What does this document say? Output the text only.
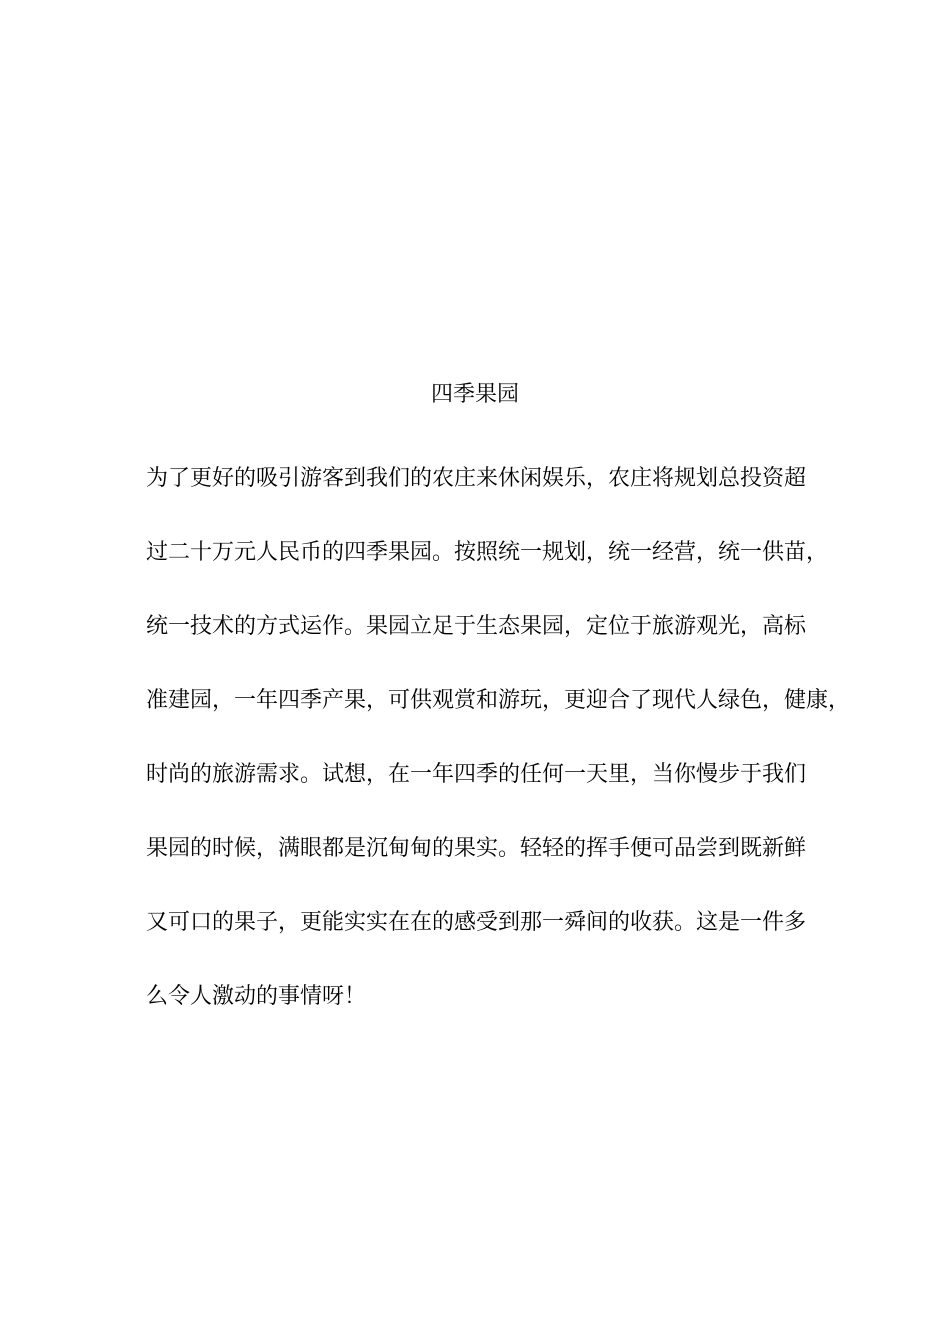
四季果园
为了更好的吸引游客到我们的农庄来休闲娱乐，农庄将规划总投资超
过二十万元人民币的四季果园。按照统一规划，统一经营，统一供苗，
统一技术的方式运作。果园立足于生态果园，定位于旅游观光，高标
准建园，一年四季产果，可供观赏和游玩，更迎合了现代人绿色，健康，
时尚的旅游需求。试想，在一年四季的任何一天里，当你慢步于我们
果园的时候，满眼都是沉甸甸的果实。轻轻的挥手便可品尝到既新鲜
又可口的果子，更能实实在在的感受到那一舜间的收获。这是一件多
么令人激动的事情呀！
